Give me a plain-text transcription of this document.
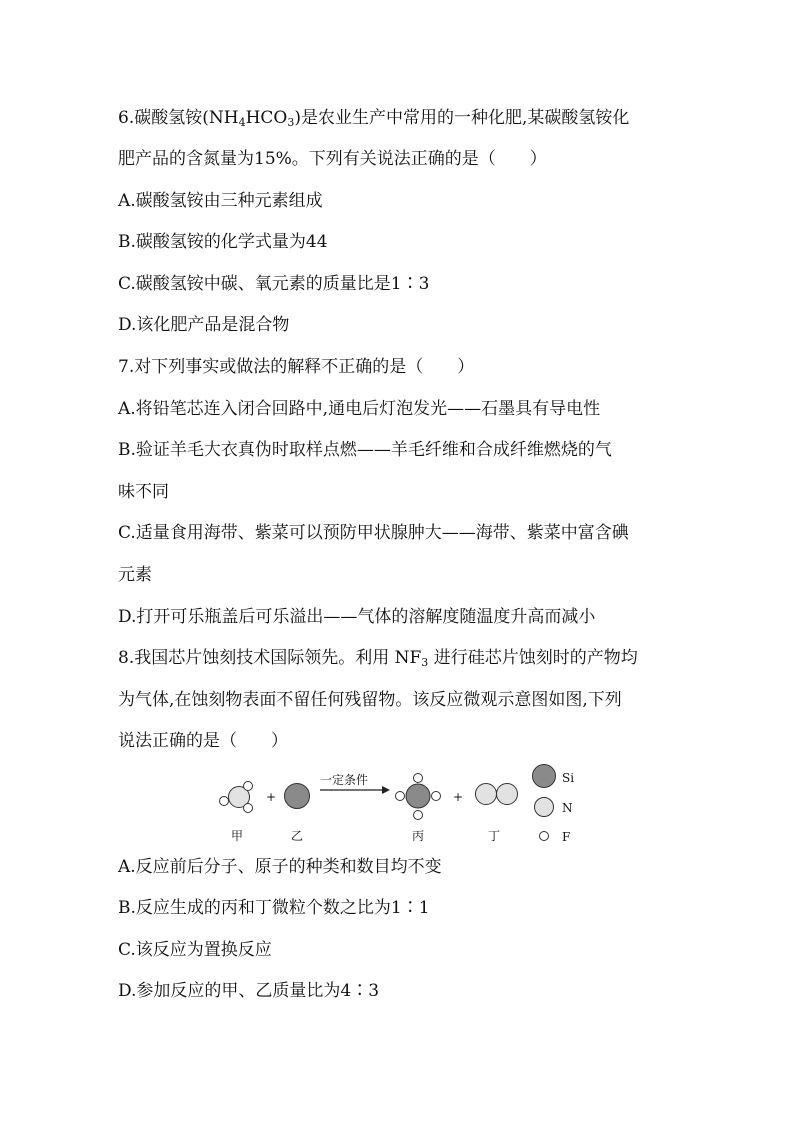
6.碳酸氢铵$(NH_4HCO_3)$是农业生产中常用的一种化肥,某碳酸氢铵化
肥产品的含氮量为15%。下列有关说法正确的是（　　）
A.碳酸氢铵由三种元素组成
B.碳酸氢铵的化学式量为44
C.碳酸氢铵中碳、氧元素的质量比是1∶3
D.该化肥产品是混合物
7.对下列事实或做法的解释不正确的是（　　）
A.将铅笔芯连入闭合回路中,通电后灯泡发光——石墨具有导电性
B.验证羊毛大衣真伪时取样点燃——羊毛纤维和合成纤维燃烧的气
味不同
C.适量食用海带、紫菜可以预防甲状腺肿大——海带、紫菜中富含碘
元素
D.打开可乐瓶盖后可乐溢出——气体的溶解度随温度升高而减小
8.我国芯片蚀刻技术国际领先。利用 $NF_3$ 进行硅芯片蚀刻时的产物均
为气体,在蚀刻物表面不留任何残留物。该反应微观示意图如图,下列
说法正确的是（　　）
+
一定条件
+
甲	乙	丙	丁
Si
N
F
A.反应前后分子、原子的种类和数目均不变
B.反应生成的丙和丁微粒个数之比为1∶1
C.该反应为置换反应
D.参加反应的甲、乙质量比为4∶3
